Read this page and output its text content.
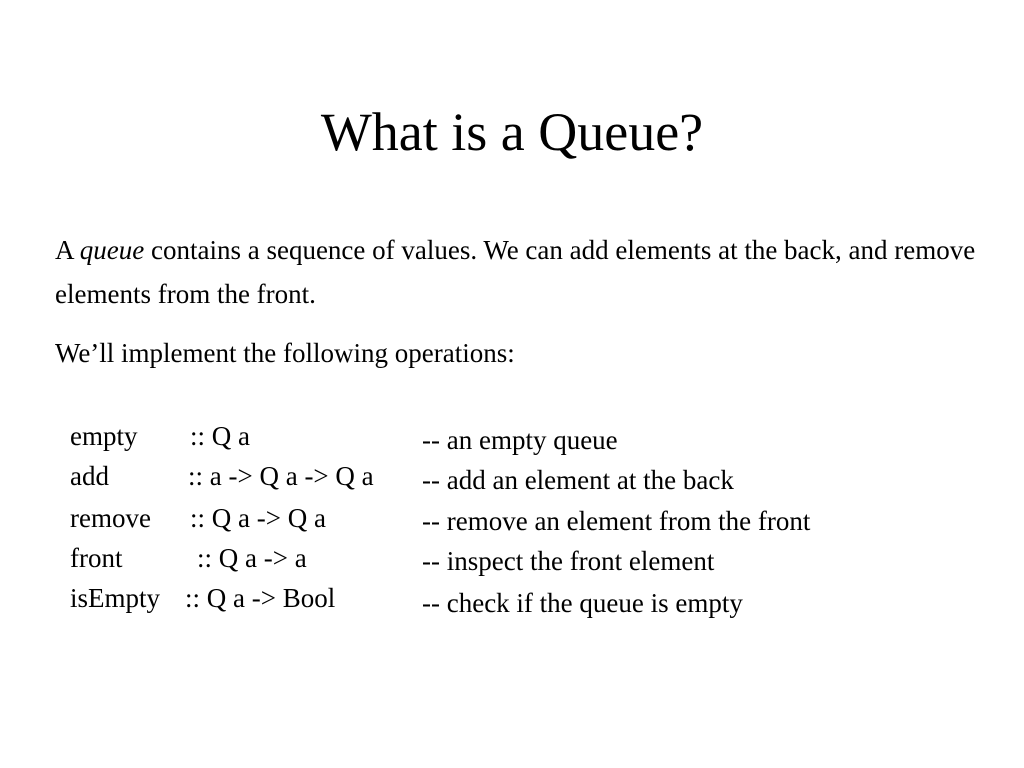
What is a Queue?

A queue contains a sequence of values. We can add elements at the back, and remove elements from the front.

We’ll implement the following operations:

empty :: Q a
add	:: a -> Q a -> Q a
remove :: Q a -> Q a
front	:: Q a -> a
isEmpty :: Q a -> Bool
-- an empty queue
-- add an element at the back
-- remove an element from the front
-- inspect the front element
-- check if the queue is empty
